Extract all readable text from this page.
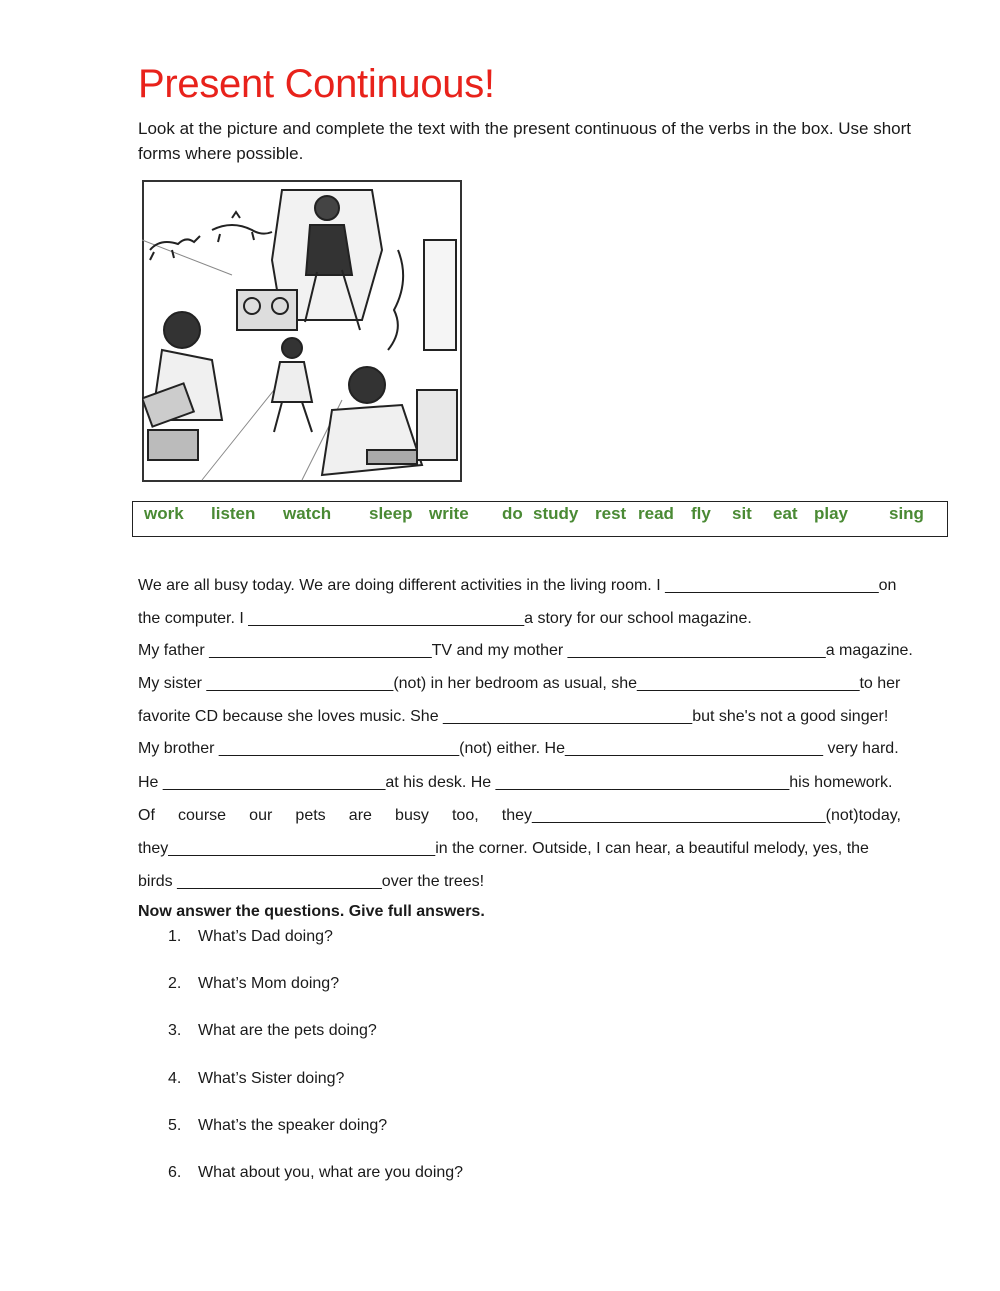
Present Continuous!

Look at the picture and complete the text with the present continuous of the verbs in the box. Use short forms where possible.

work listen watch sleep write do study rest read fly sit eat play sing
We are all busy today. We are doing different activities in the living room. I ________________________on
the computer. I _______________________________a story for our school magazine.
My father _________________________TV and my mother _____________________________a magazine.
My sister _____________________(not) in her bedroom as usual, she_________________________to her
favorite CD because she loves music. She ____________________________but she's not a good singer!
My brother ___________________________(not) either. He_____________________________ very hard.
He _________________________at his desk. He _________________________________his homework.
Of course our pets are busy too, they_________________________________(not)today,
they______________________________in the corner. Outside, I can hear, a beautiful melody, yes, the
birds _______________________over the trees!

Now answer the questions. Give full answers.

1. What’s Dad doing?
2. What’s Mom doing?
3. What are the pets doing?
4. What’s Sister doing?
5. What’s the speaker doing?
6. What about you, what are you doing?
